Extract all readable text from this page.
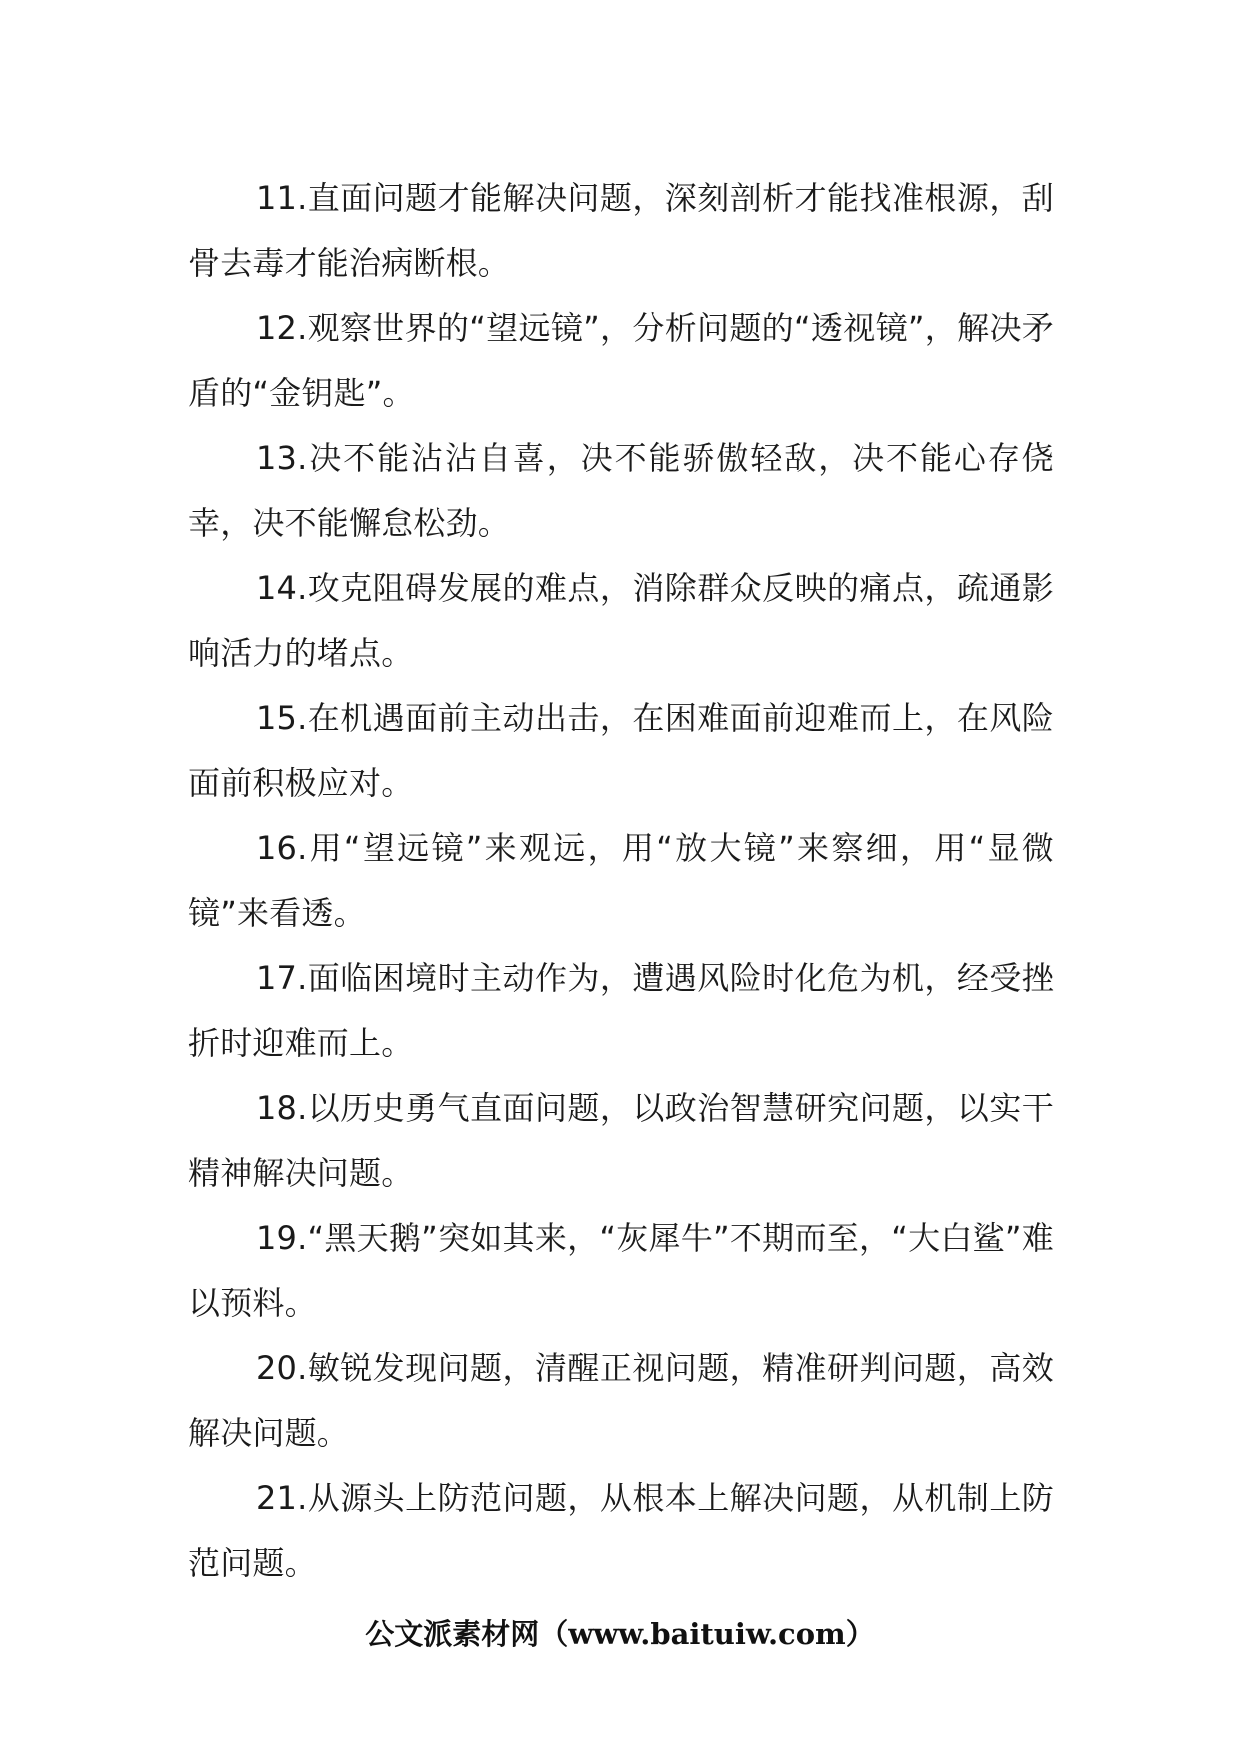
11.直面问题才能解决问题，深刻剖析才能找准根源，刮骨去毒才能治病断根。

12.观察世界的“望远镜”，分析问题的“透视镜”，解决矛盾的“金钥匙”。

13.决不能沾沾自喜，决不能骄傲轻敌，决不能心存侥幸，决不能懈怠松劲。

14.攻克阻碍发展的难点，消除群众反映的痛点，疏通影响活力的堵点。

15.在机遇面前主动出击，在困难面前迎难而上，在风险面前积极应对。

16.用“望远镜”来观远，用“放大镜”来察细，用“显微镜”来看透。

17.面临困境时主动作为，遭遇风险时化危为机，经受挫折时迎难而上。

18.以历史勇气直面问题，以政治智慧研究问题，以实干精神解决问题。

19.“黑天鹅”突如其来，“灰犀牛”不期而至，“大白鲨”难以预料。

20.敏锐发现问题，清醒正视问题，精准研判问题，高效解决问题。

21.从源头上防范问题，从根本上解决问题，从机制上防范问题。

公文派素材网（www.baituiw.com）
